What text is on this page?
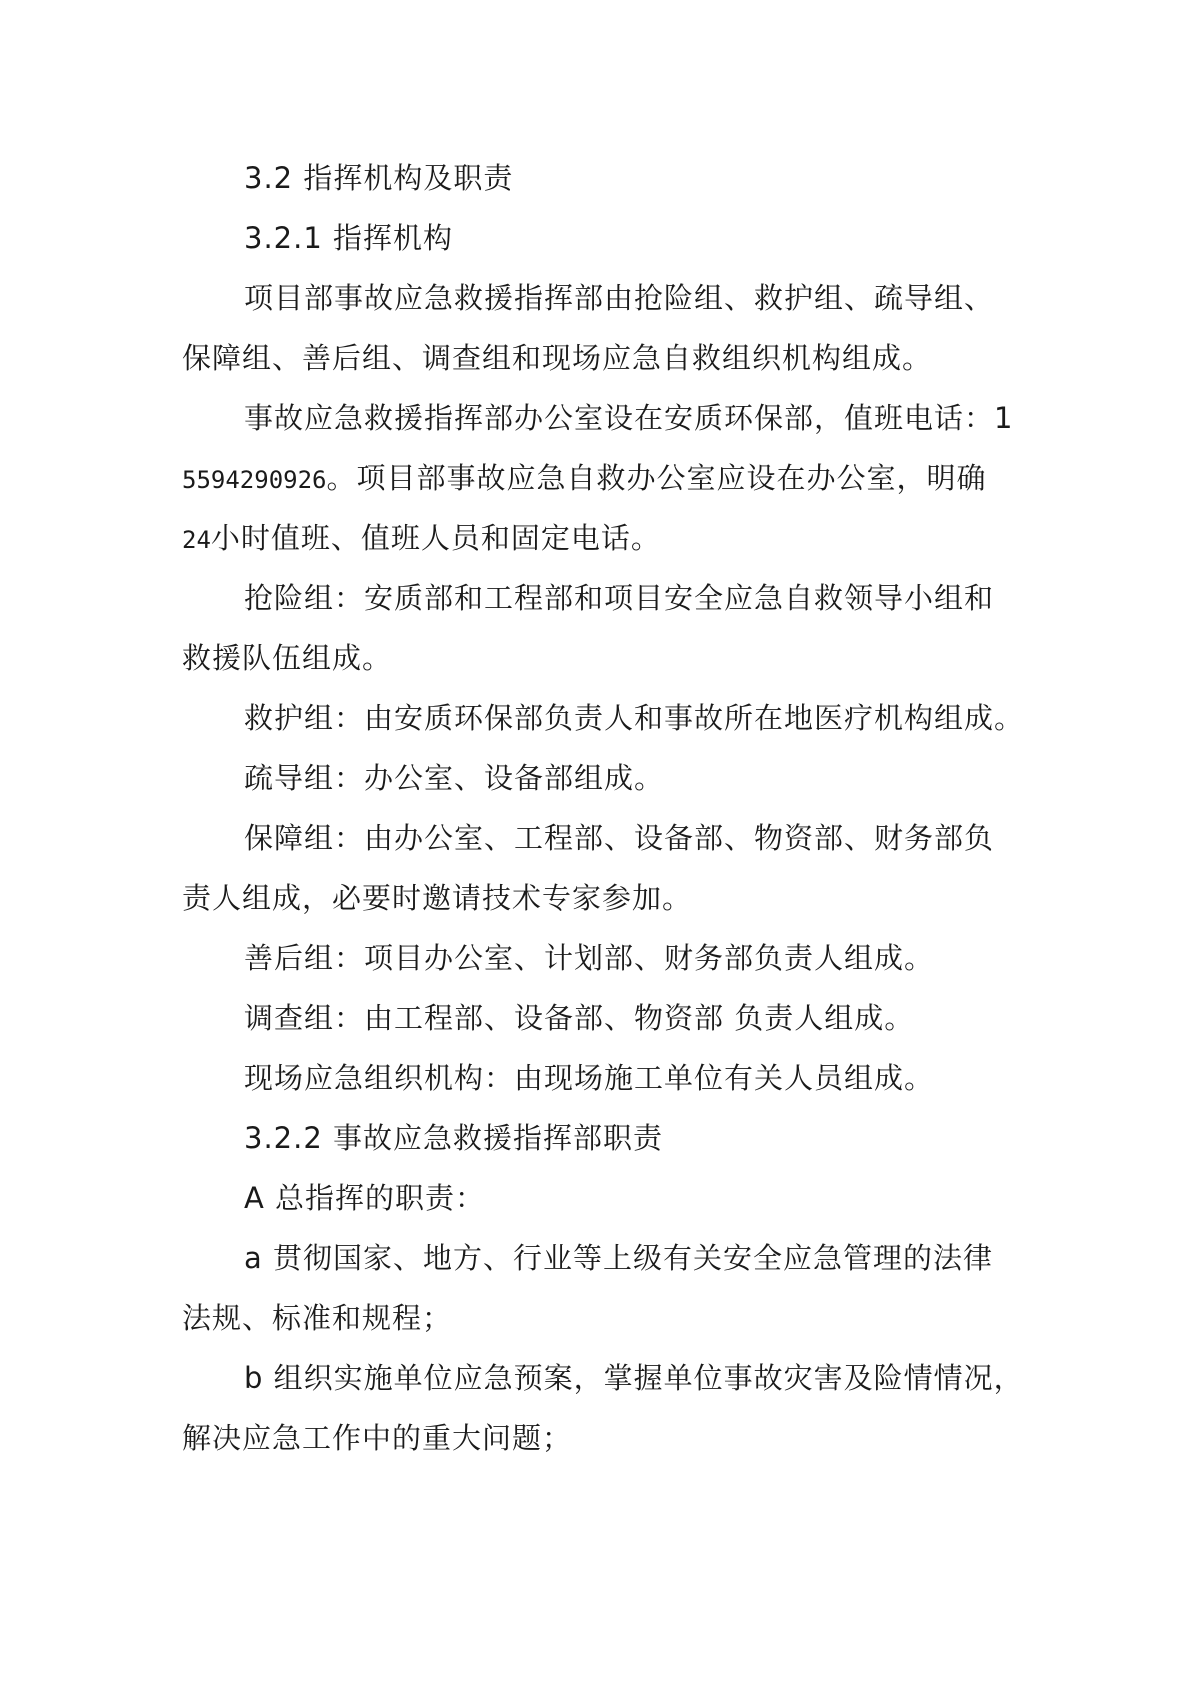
3.2 指挥机构及职责
3.2.1 指挥机构
项目部事故应急救援指挥部由抢险组、救护组、疏导组、
保障组、善后组、调查组和现场应急自救组织机构组成。
事故应急救援指挥部办公室设在安质环保部，值班电话：1
5594290926。项目部事故应急自救办公室应设在办公室，明确
24小时值班、值班人员和固定电话。
抢险组：安质部和工程部和项目安全应急自救领导小组和
救援队伍组成。
救护组：由安质环保部负责人和事故所在地医疗机构组成。
疏导组：办公室、设备部组成。
保障组：由办公室、工程部、设备部、物资部、财务部负
责人组成，必要时邀请技术专家参加。
善后组：项目办公室、计划部、财务部负责人组成。
调查组：由工程部、设备部、物资部 负责人组成。
现场应急组织机构：由现场施工单位有关人员组成。
3.2.2 事故应急救援指挥部职责
A 总指挥的职责：
a 贯彻国家、地方、行业等上级有关安全应急管理的法律
法规、标准和规程；
b 组织实施单位应急预案，掌握单位事故灾害及险情情况，
解决应急工作中的重大问题；
